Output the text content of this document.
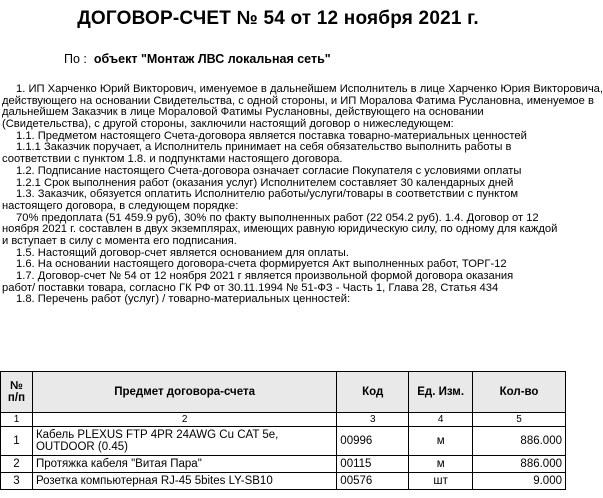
ДОГОВОР-СЧЕТ № 54 от 12 ноября 2021 г.
По : объект "Монтаж ЛВС локальная сеть"
1. ИП Харченко Юрий Викторович, именуемое в дальнейшем Исполнитель в лице Харченко Юрия Викторовича,
действующего на основании Свидетельства, с одной стороны, и ИП Моралова Фатима Руслановна, именуемое в
дальнейшем Заказчик в лице Мораловой Фатимы Руслановны, действующего на основании
(Свидетельства), с другой стороны, заключили настоящий договор о нижеследующем:
1.1. Предметом настоящего Счета-договора является поставка товарно-материальных ценностей
1.1.1 Заказчик поручает, а Исполнитель принимает на себя обязательство выполнить работы в
соответствии с пунктом 1.8. и подпунктами настоящего договора.
1.2. Подписание настоящего Счета-договора означает согласие Покупателя с условиями оплаты
1.2.1 Срок выполнения работ (оказания услуг) Исполнителем составляет 30 календарных дней
1.3. Заказчик, обязуется оплатить Исполнителю работы/услуги/товары в соответствии с пунктом
настоящего договора, в следующем порядке:
70% предоплата (51 459.9 руб), 30% по факту выполненных работ (22 054.2 руб). 1.4. Договор от 12
ноября 2021 г. составлен в двух экземплярах, имеющих равную юридическую силу, по одному для каждой
и вступает в силу с момента его подписания.
1.5. Настоящий договор-счет является основанием для оплаты.
1.6. На основании настоящего договора-счета формируется Акт выполненных работ, ТОРГ-12
1.7. Договор-счет № 54 от 12 ноября 2021 г является произвольной формой договора оказания
работ/ поставки товара, согласно ГК РФ от 30.11.1994 № 51-ФЗ - Часть 1, Глава 28, Статья 434
1.8. Перечень работ (услуг) / товарно-материальных ценностей:
№ п/п	Предмет договора-счета	Код	Ед. Изм.	Кол-во
1	2	3	4	5
1	Кабель PLEXUS FTP 4PR 24AWG Cu CAT 5e, OUTDOOR (0.45)	00996	м	886.000
2	Протяжка кабеля "Витая Пара"	00115	м	886.000
3	Розетка компьютерная RJ-45 5bites LY-SB10	00576	шт	9.000
